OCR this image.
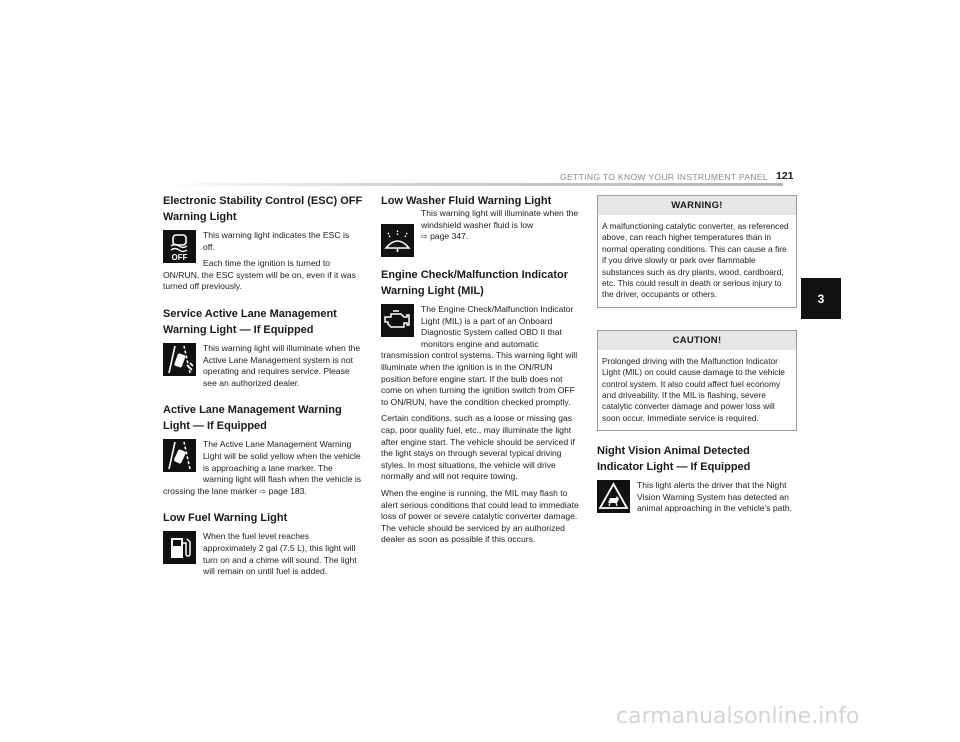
GETTING TO KNOW YOUR INSTRUMENT PANEL 121
3
Electronic Stability Control (ESC) OFF Warning Light
OFF

This warning light indicates the ESC is off.

Each time the ignition is turned to ON/RUN, the ESC system will be on, even if it was turned off previously.

Service Active Lane Management Warning Light — If Equipped

This warning light will illuminate when the Active Lane Management system is not operating and requires service. Please see an authorized dealer.

Active Lane Management Warning Light — If Equipped

The Active Lane Management Warning Light will be solid yellow when the vehicle is approaching a lane marker. The warning light will flash when the vehicle is crossing the lane marker ⇨ page 183.

Low Fuel Warning Light

When the fuel level reaches approximately 2 gal (7.5 L), this light will turn on and a chime will sound. The light will remain on until fuel is added.

Low Washer Fluid Warning Light

This warning light will illuminate when the windshield washer fluid is low
⇨ page 347.

Engine Check/Malfunction Indicator Warning Light (MIL)

The Engine Check/Malfunction Indicator Light (MIL) is a part of an Onboard Diagnostic System called OBD II that monitors engine and automatic transmission control systems. This warning light will illuminate when the ignition is in the ON/RUN position before engine start. If the bulb does not come on when turning the ignition switch from OFF to ON/RUN, have the condition checked promptly.

Certain conditions, such as a loose or missing gas cap, poor quality fuel, etc., may illuminate the light after engine start. The vehicle should be serviced if the light stays on through several typical driving styles. In most situations, the vehicle will drive normally and will not require towing.

When the engine is running, the MIL may flash to alert serious conditions that could lead to immediate loss of power or severe catalytic converter damage. The vehicle should be serviced by an authorized dealer as soon as possible if this occurs.

WARNING!
A malfunctioning catalytic converter, as referenced above, can reach higher temperatures than in normal operating conditions. This can cause a fire if you drive slowly or park over flammable substances such as dry plants, wood, cardboard, etc. This could result in death or serious injury to the driver, occupants or others.
CAUTION!
Prolonged driving with the Malfunction Indicator Light (MIL) on could cause damage to the vehicle control system. It also could affect fuel economy and driveability. If the MIL is flashing, severe catalytic converter damage and power loss will soon occur. Immediate service is required.
Night Vision Animal Detected Indicator Light — If Equipped

This light alerts the driver that the Night Vision Warning System has detected an animal approaching in the vehicle's path.

carmanualsonline.info
